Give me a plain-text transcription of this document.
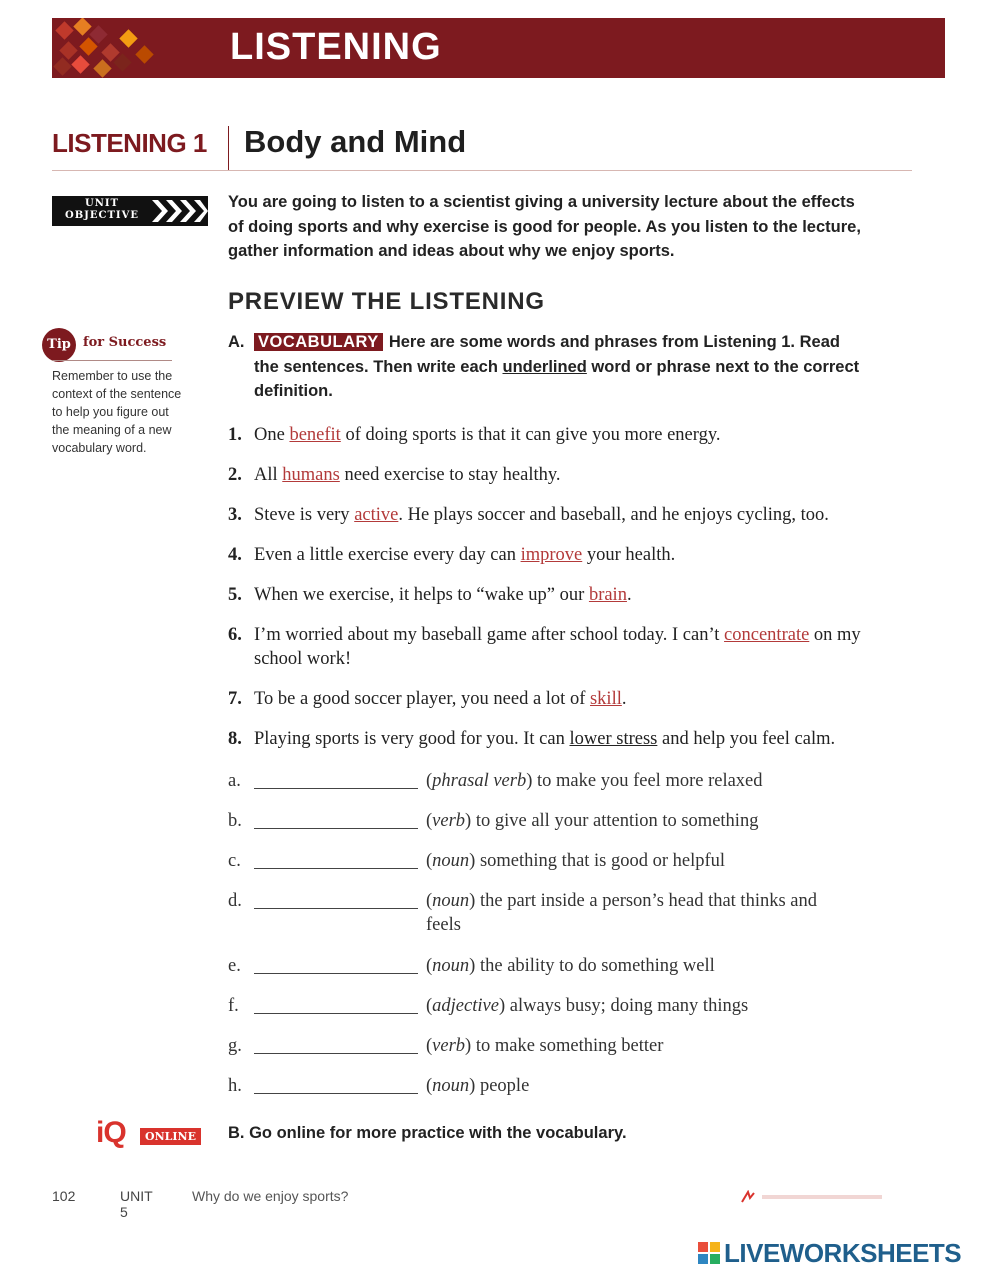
LISTENING
LISTENING 1 Body and Mind
UNIT
OBJECTIVE
You are going to listen to a scientist giving a university lecture about the effects of doing sports and why exercise is good for people. As you listen to the lecture, gather information and ideas about why we enjoy sports.
PREVIEW THE LISTENING
Tip for Success
Remember to use the context of the sentence to help you figure out the meaning of a new vocabulary word.
A. VOCABULARY Here are some words and phrases from Listening 1. Read the sentences. Then write each underlined word or phrase next to the correct definition.
1. One benefit of doing sports is that it can give you more energy.
2. All humans need exercise to stay healthy.
3. Steve is very active. He plays soccer and baseball, and he enjoys cycling, too.
4. Even a little exercise every day can improve your health.
5. When we exercise, it helps to “wake up” our brain.
6. I’m worried about my baseball game after school today. I can’t concentrate on my school work!
7. To be a good soccer player, you need a lot of skill.
8. Playing sports is very good for you. It can lower stress and help you feel calm.
a.	(phrasal verb) to make you feel more relaxed
b.	(verb) to give all your attention to something
c.	(noun) something that is good or helpful
d.	(noun) the part inside a person’s head that thinks and feels
e.	(noun) the ability to do something well
f.	(adjective) always busy; doing many things
g.	(verb) to make something better
h.	(noun) people
iQ	ONLINE	B. Go online for more practice with the vocabulary.
102	UNIT 5
Why do we enjoy sports?
LIVEWORKSHEETS
